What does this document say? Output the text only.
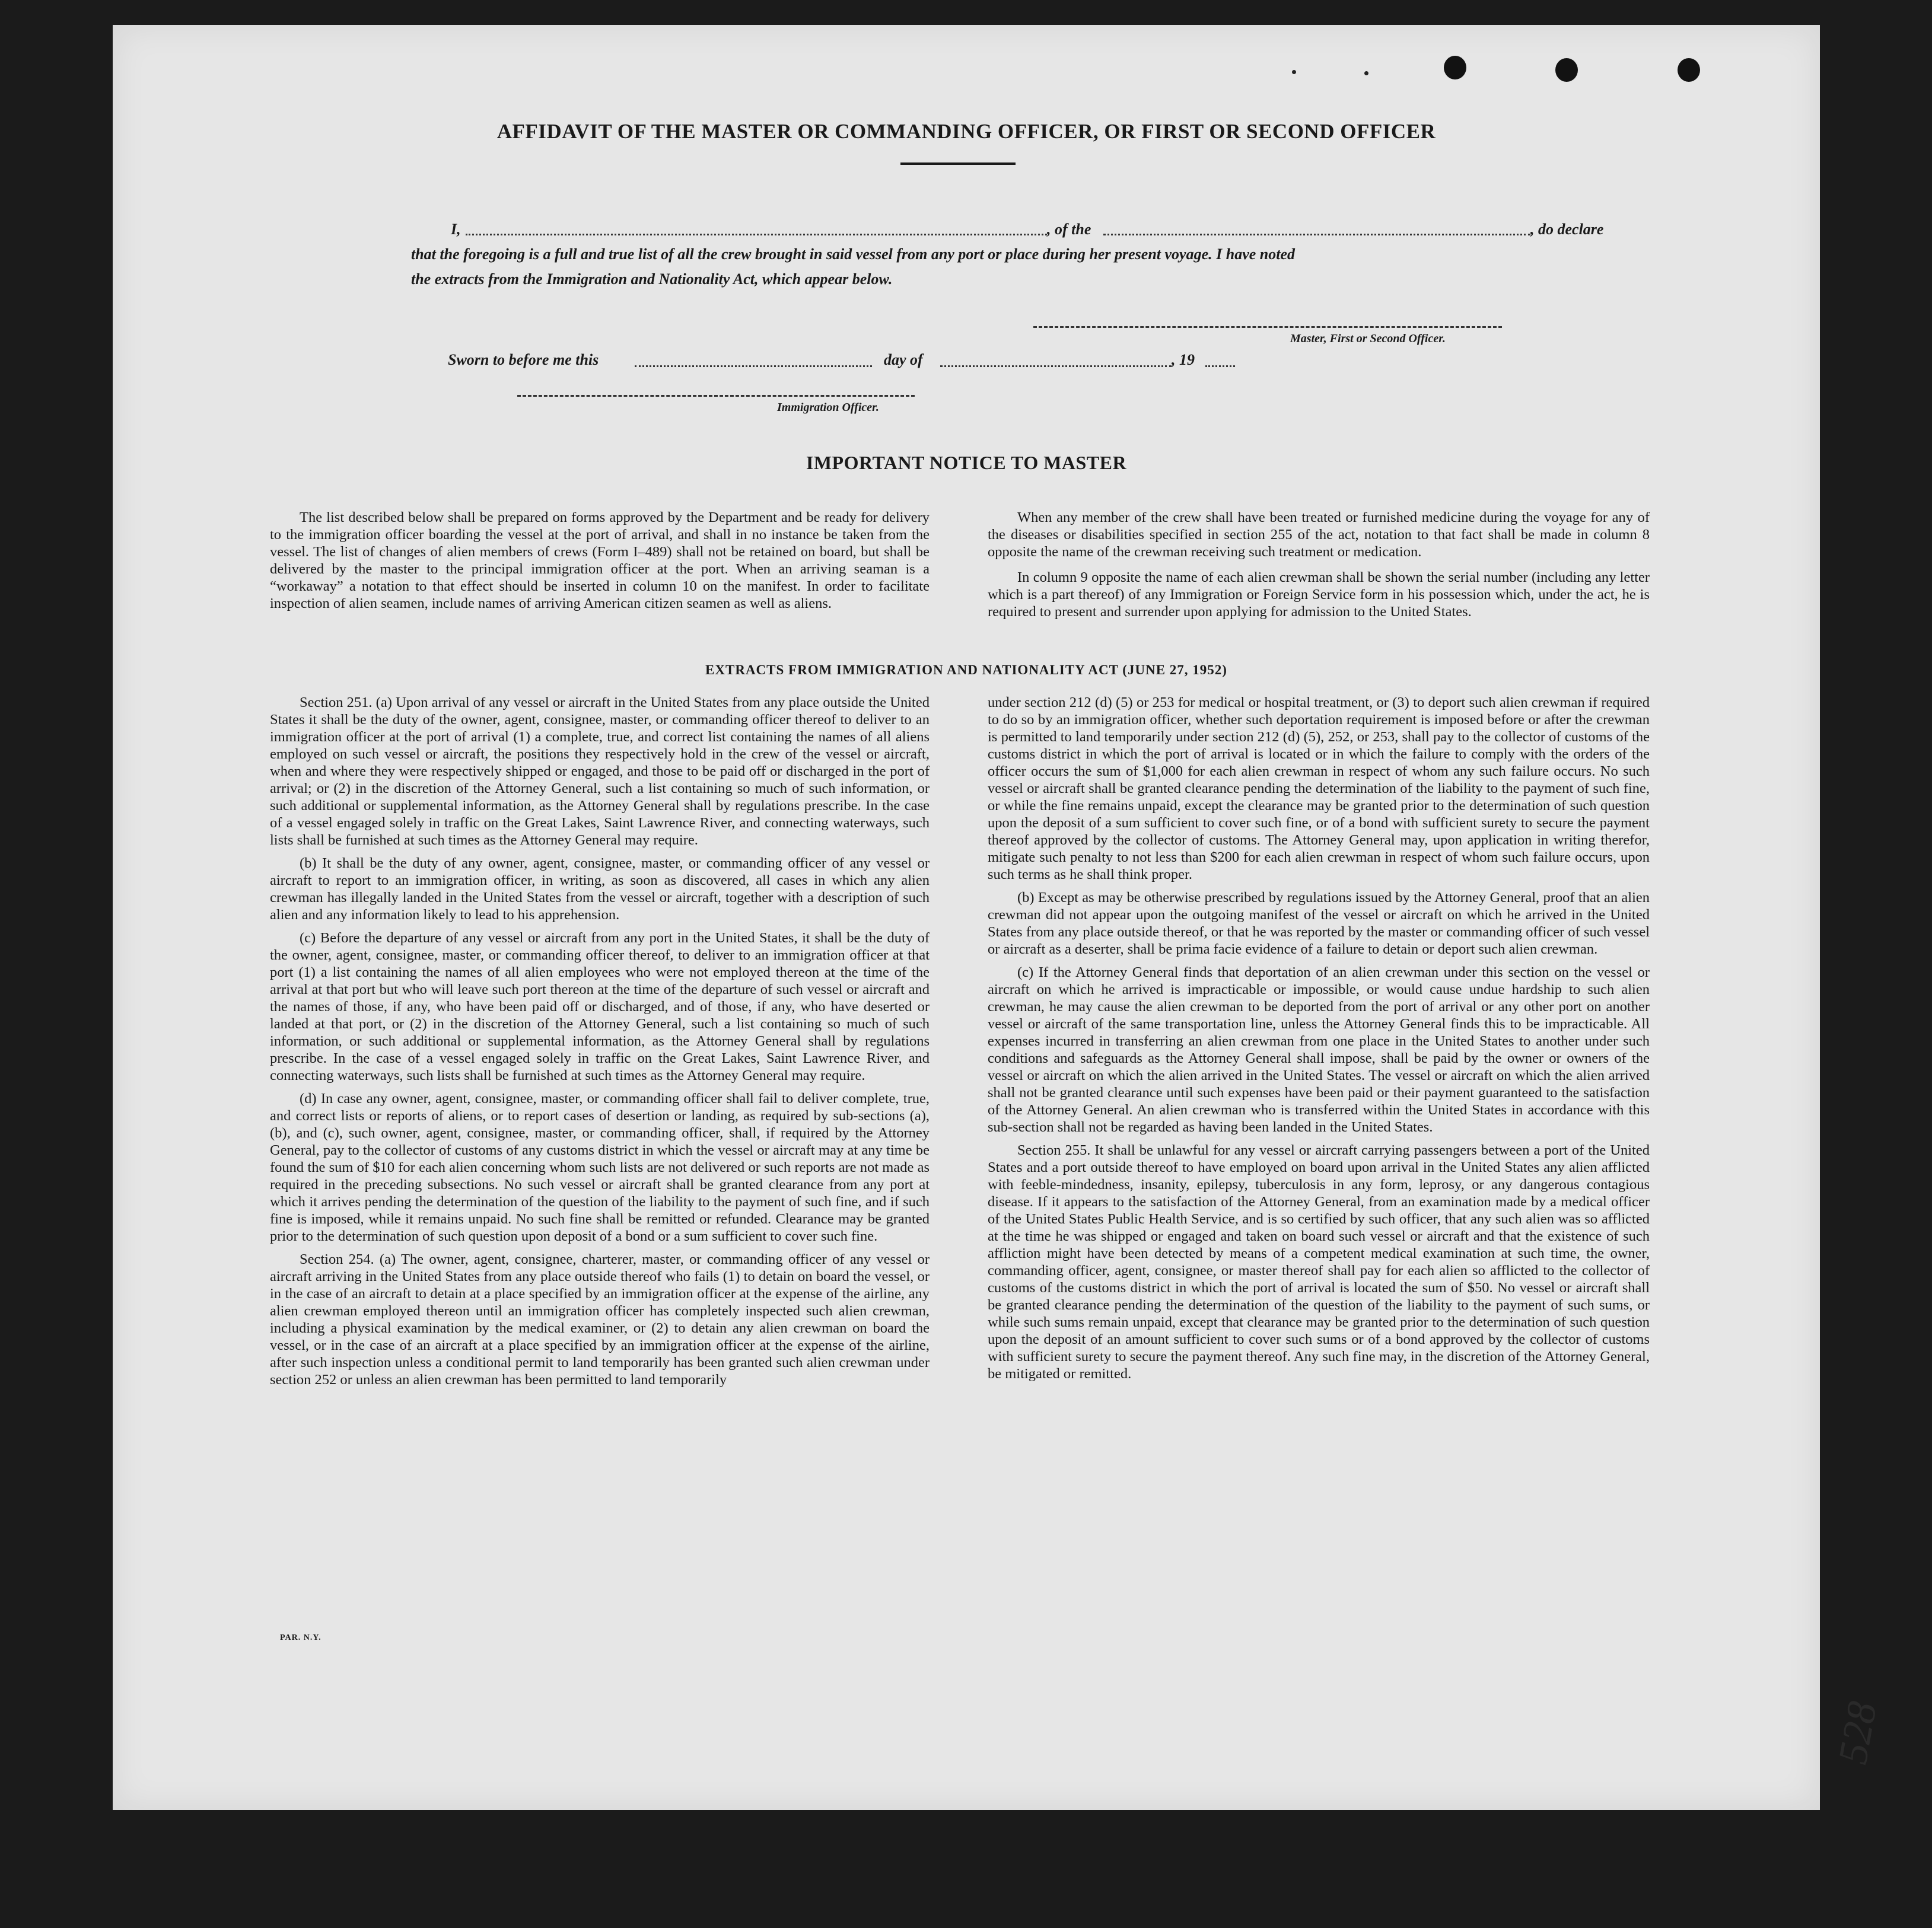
AFFIDAVIT OF THE MASTER OR COMMANDING OFFICER, OR FIRST OR SECOND OFFICER
I,	, of the	, do declare
that the foregoing is a full and true list of all the crew brought in said vessel from any port or place during her present voyage. I have noted
the extracts from the Immigration and Nationality Act, which appear below.
Master, First or Second Officer.
Sworn to before me this	day of	, 19
Immigration Officer.
IMPORTANT NOTICE TO MASTER

The list described below shall be prepared on forms approved by the Department and be ready for delivery to the immigration officer boarding the vessel at the port of arrival, and shall in no instance be taken from the vessel. The list of changes of alien members of crews (Form I–489) shall not be retained on board, but shall be delivered by the master to the principal immigration officer at the port. When an arriving seaman is a “workaway” a notation to that effect should be inserted in column 10 on the manifest. In order to facilitate inspection of alien seamen, include names of arriving American citizen seamen as well as aliens.

When any member of the crew shall have been treated or furnished medicine during the voyage for any of the diseases or disabilities specified in section 255 of the act, notation to that fact shall be made in column 8 opposite the name of the crewman receiving such treatment or medication.

In column 9 opposite the name of each alien crewman shall be shown the serial number (including any letter which is a part thereof) of any Immigration or Foreign Service form in his possession which, under the act, he is required to present and surrender upon applying for admission to the United States.

EXTRACTS FROM IMMIGRATION AND NATIONALITY ACT (JUNE 27, 1952)

Section 251. (a) Upon arrival of any vessel or aircraft in the United States from any place outside the United States it shall be the duty of the owner, agent, consignee, master, or commanding officer thereof to deliver to an immigration officer at the port of arrival (1) a complete, true, and correct list containing the names of all aliens employed on such vessel or aircraft, the positions they respectively hold in the crew of the vessel or aircraft, when and where they were respectively shipped or engaged, and those to be paid off or discharged in the port of arrival; or (2) in the discretion of the Attorney General, such a list containing so much of such information, or such additional or supplemental information, as the Attorney General shall by regulations prescribe. In the case of a vessel engaged solely in traffic on the Great Lakes, Saint Lawrence River, and connecting waterways, such lists shall be furnished at such times as the Attorney General may require.

(b) It shall be the duty of any owner, agent, consignee, master, or commanding officer of any vessel or aircraft to report to an immigration officer, in writing, as soon as discovered, all cases in which any alien crewman has illegally landed in the United States from the vessel or aircraft, together with a description of such alien and any information likely to lead to his apprehension.

(c) Before the departure of any vessel or aircraft from any port in the United States, it shall be the duty of the owner, agent, consignee, master, or commanding officer thereof, to deliver to an immigration officer at that port (1) a list containing the names of all alien employees who were not employed thereon at the time of the arrival at that port but who will leave such port thereon at the time of the departure of such vessel or aircraft and the names of those, if any, who have been paid off or discharged, and of those, if any, who have deserted or landed at that port, or (2) in the discretion of the Attorney General, such a list containing so much of such information, or such additional or supplemental information, as the Attorney General shall by regulations prescribe. In the case of a vessel engaged solely in traffic on the Great Lakes, Saint Lawrence River, and connecting waterways, such lists shall be furnished at such times as the Attorney General may require.

(d) In case any owner, agent, consignee, master, or commanding officer shall fail to deliver complete, true, and correct lists or reports of aliens, or to report cases of desertion or landing, as required by sub-sections (a), (b), and (c), such owner, agent, consignee, master, or commanding officer, shall, if required by the Attorney General, pay to the collector of customs of any customs district in which the vessel or aircraft may at any time be found the sum of $10 for each alien concerning whom such lists are not delivered or such reports are not made as required in the preceding subsections. No such vessel or aircraft shall be granted clearance from any port at which it arrives pending the determination of the question of the liability to the payment of such fine, and if such fine is imposed, while it remains unpaid. No such fine shall be remitted or refunded. Clearance may be granted prior to the determination of such question upon deposit of a bond or a sum sufficient to cover such fine.

Section 254. (a) The owner, agent, consignee, charterer, master, or commanding officer of any vessel or aircraft arriving in the United States from any place outside thereof who fails (1) to detain on board the vessel, or in the case of an aircraft to detain at a place specified by an immigration officer at the expense of the airline, any alien crewman employed thereon until an immigration officer has completely inspected such alien crewman, including a physical examination by the medical examiner, or (2) to detain any alien crewman on board the vessel, or in the case of an aircraft at a place specified by an immigration officer at the expense of the airline, after such inspection unless a conditional permit to land temporarily has been granted such alien crewman under section 252 or unless an alien crewman has been permitted to land temporarily

under section 212 (d) (5) or 253 for medical or hospital treatment, or (3) to deport such alien crewman if required to do so by an immigration officer, whether such deportation requirement is imposed before or after the crewman is permitted to land temporarily under section 212 (d) (5), 252, or 253, shall pay to the collector of customs of the customs district in which the port of arrival is located or in which the failure to comply with the orders of the officer occurs the sum of $1,000 for each alien crewman in respect of whom any such failure occurs. No such vessel or aircraft shall be granted clearance pending the determination of the liability to the payment of such fine, or while the fine remains unpaid, except the clearance may be granted prior to the determination of such question upon the deposit of a sum sufficient to cover such fine, or of a bond with sufficient surety to secure the payment thereof approved by the collector of customs. The Attorney General may, upon application in writing therefor, mitigate such penalty to not less than $200 for each alien crewman in respect of whom such failure occurs, upon such terms as he shall think proper.

(b) Except as may be otherwise prescribed by regulations issued by the Attorney General, proof that an alien crewman did not appear upon the outgoing manifest of the vessel or aircraft on which he arrived in the United States from any place outside thereof, or that he was reported by the master or commanding officer of such vessel or aircraft as a deserter, shall be prima facie evidence of a failure to detain or deport such alien crewman.

(c) If the Attorney General finds that deportation of an alien crewman under this section on the vessel or aircraft on which he arrived is impracticable or impossible, or would cause undue hardship to such alien crewman, he may cause the alien crewman to be deported from the port of arrival or any other port on another vessel or aircraft of the same transportation line, unless the Attorney General finds this to be impracticable. All expenses incurred in transferring an alien crewman from one place in the United States to another under such conditions and safeguards as the Attorney General shall impose, shall be paid by the owner or owners of the vessel or aircraft on which the alien arrived in the United States. The vessel or aircraft on which the alien arrived shall not be granted clearance until such expenses have been paid or their payment guaranteed to the satisfaction of the Attorney General. An alien crewman who is transferred within the United States in accordance with this sub-section shall not be regarded as having been landed in the United States.

Section 255. It shall be unlawful for any vessel or aircraft carrying passengers between a port of the United States and a port outside thereof to have employed on board upon arrival in the United States any alien afflicted with feeble-mindedness, insanity, epilepsy, tuberculosis in any form, leprosy, or any dangerous contagious disease. If it appears to the satisfaction of the Attorney General, from an examination made by a medical officer of the United States Public Health Service, and is so certified by such officer, that any such alien was so afflicted at the time he was shipped or engaged and taken on board such vessel or aircraft and that the existence of such affliction might have been detected by means of a competent medical examination at such time, the owner, commanding officer, agent, consignee, or master thereof shall pay for each alien so afflicted to the collector of customs of the customs district in which the port of arrival is located the sum of $50. No vessel or aircraft shall be granted clearance pending the determination of the question of the liability to the payment of such sums, or while such sums remain unpaid, except that clearance may be granted prior to the determination of such question upon the deposit of an amount sufficient to cover such sums or of a bond approved by the collector of customs with sufficient surety to secure the payment thereof. Any such fine may, in the discretion of the Attorney General, be mitigated or remitted.

PAR. N.Y.
528
